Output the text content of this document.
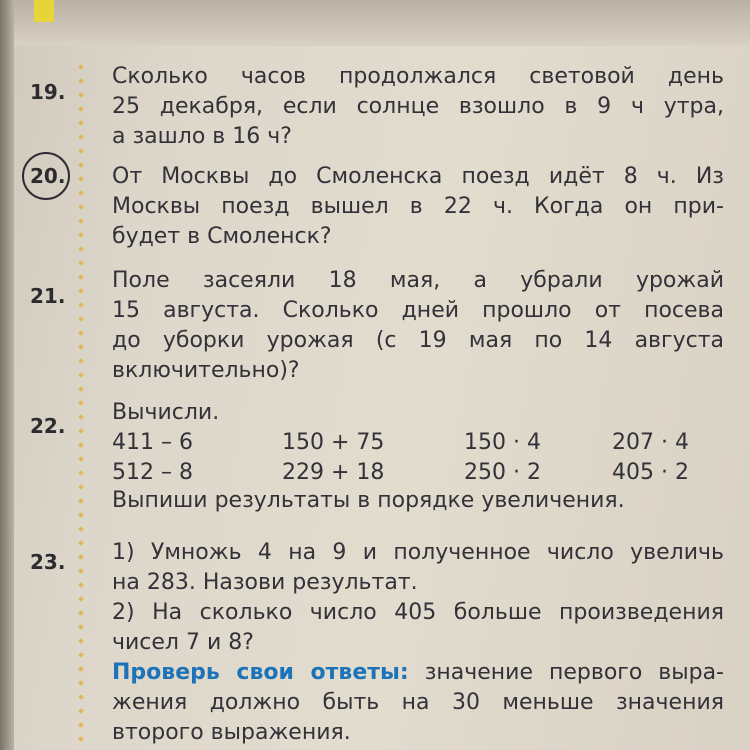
19.
Сколько часов продолжался световой день
25 декабря, если солнце взошло в 9 ч утра,
а зашло в 16 ч?
20. От Москвы до Смоленска поезд идёт 8 ч. Из
Москвы поезд вышел в 22 ч. Когда он при-
будет в Смоленск?
21.
Поле засеяли 18 мая, а убрали урожай
15 августа. Сколько дней прошло от посева
до уборки урожая (с 19 мая по 14 августа
включительно)?
22.
Вычисли.
411 – 6	150 + 75	150 · 4	207 · 4
512 – 8	229 + 18	250 · 2	405 · 2
Выпиши результаты в порядке увеличения.
23. 1) Умножь 4 на 9 и полученное число увеличь
на 283. Назови результат.
2) На сколько число 405 больше произведения
чисел 7 и 8?
Проверь свои ответы: значение первого выра-
жения должно быть на 30 меньше значения
второго выражения.
